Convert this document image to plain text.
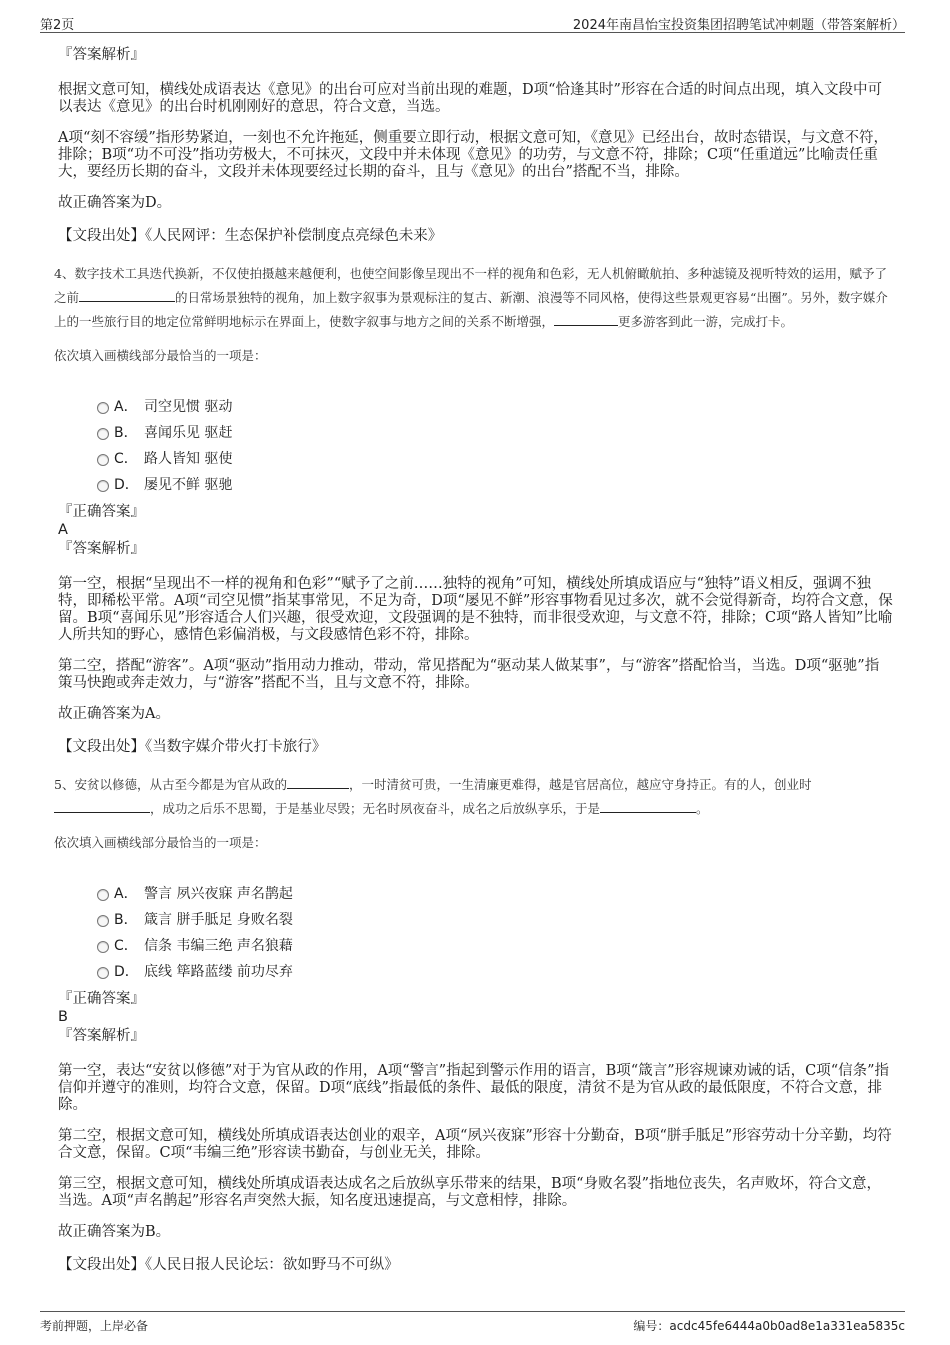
第2页	2024年南昌怡宝投资集团招聘笔试冲刺题（带答案解析）
『答案解析』

根据文意可知，横线处成语表达《意见》的出台可应对当前出现的难题，D项“恰逢其时”形容在合适的时间点出现，填入文段中可以表达《意见》的出台时机刚刚好的意思，符合文意，当选。

A项“刻不容缓”指形势紧迫，一刻也不允许拖延，侧重要立即行动，根据文意可知，《意见》已经出台，故时态错误，与文意不符，排除；B项“功不可没”指功劳极大，不可抹灭，文段中并未体现《意见》的功劳，与文意不符，排除；C项“任重道远”比喻责任重大，要经历长期的奋斗，文段并未体现要经过长期的奋斗，且与《意见》的出台”搭配不当，排除。

故正确答案为D。

【文段出处】《人民网评：生态保护补偿制度点亮绿色未来》

4、数字技术工具迭代换新，不仅使拍摄越来越便利，也使空间影像呈现出不一样的视角和色彩，无人机俯瞰航拍、多种滤镜及视听特效的运用，赋予了之前	的日常场景独特的视角，加上数字叙事为景观标注的复古、新潮、浪漫等不同风格，使得这些景观更容易“出圈”。另外，数字媒介上的一些旅行目的地定位常鲜明地标示在界面上，使数字叙事与地方之间的关系不断增强，	更多游客到此一游，完成打卡。

依次填入画横线部分最恰当的一项是：

A． 司空见惯 驱动
B． 喜闻乐见 驱赶
C． 路人皆知 驱使
D． 屡见不鲜 驱驰
『正确答案』
A
『答案解析』

第一空，根据“呈现出不一样的视角和色彩”“赋予了之前……独特的视角”可知，横线处所填成语应与“独特”语义相反，强调不独特，即稀松平常。A项“司空见惯”指某事常见，不足为奇，D项“屡见不鲜”形容事物看见过多次，就不会觉得新奇，均符合文意，保留。B项“喜闻乐见”形容适合人们兴趣，很受欢迎，文段强调的是不独特，而非很受欢迎，与文意不符，排除；C项“路人皆知”比喻人所共知的野心，感情色彩偏消极，与文段感情色彩不符，排除。

第二空，搭配“游客”。A项“驱动”指用动力推动，带动，常见搭配为“驱动某人做某事”，与“游客”搭配恰当，当选。D项“驱驰”指策马快跑或奔走效力，与“游客”搭配不当，且与文意不符，排除。

故正确答案为A。

【文段出处】《当数字媒介带火打卡旅行》

5、安贫以修德，从古至今都是为官从政的	，一时清贫可贵，一生清廉更难得，越是官居高位，越应守身持正。有的人，创业时，成功之后乐不思蜀，于是基业尽毁；无名时夙夜奋斗，成名之后放纵享乐，于是	。

依次填入画横线部分最恰当的一项是：

A． 警言 夙兴夜寐 声名鹊起
B． 箴言 胼手胝足 身败名裂
C． 信条 韦编三绝 声名狼藉
D． 底线 筚路蓝缕 前功尽弃
『正确答案』
B
『答案解析』

第一空，表达“安贫以修德”对于为官从政的作用，A项“警言”指起到警示作用的语言，B项“箴言”形容规谏劝诫的话，C项“信条”指信仰并遵守的准则，均符合文意，保留。D项“底线”指最低的条件、最低的限度，清贫不是为官从政的最低限度，不符合文意，排除。

第二空，根据文意可知，横线处所填成语表达创业的艰辛，A项“夙兴夜寐”形容十分勤奋，B项“胼手胝足”形容劳动十分辛勤，均符合文意，保留。C项“韦编三绝”形容读书勤奋，与创业无关，排除。

第三空，根据文意可知，横线处所填成语表达成名之后放纵享乐带来的结果，B项“身败名裂”指地位丧失，名声败坏，符合文意，当选。A项“声名鹊起”形容名声突然大振，知名度迅速提高，与文意相悖，排除。

故正确答案为B。

【文段出处】《人民日报人民论坛：欲如野马不可纵》

考前押题，上岸必备	编号：acdc45fe6444a0b0ad8e1a331ea5835c
